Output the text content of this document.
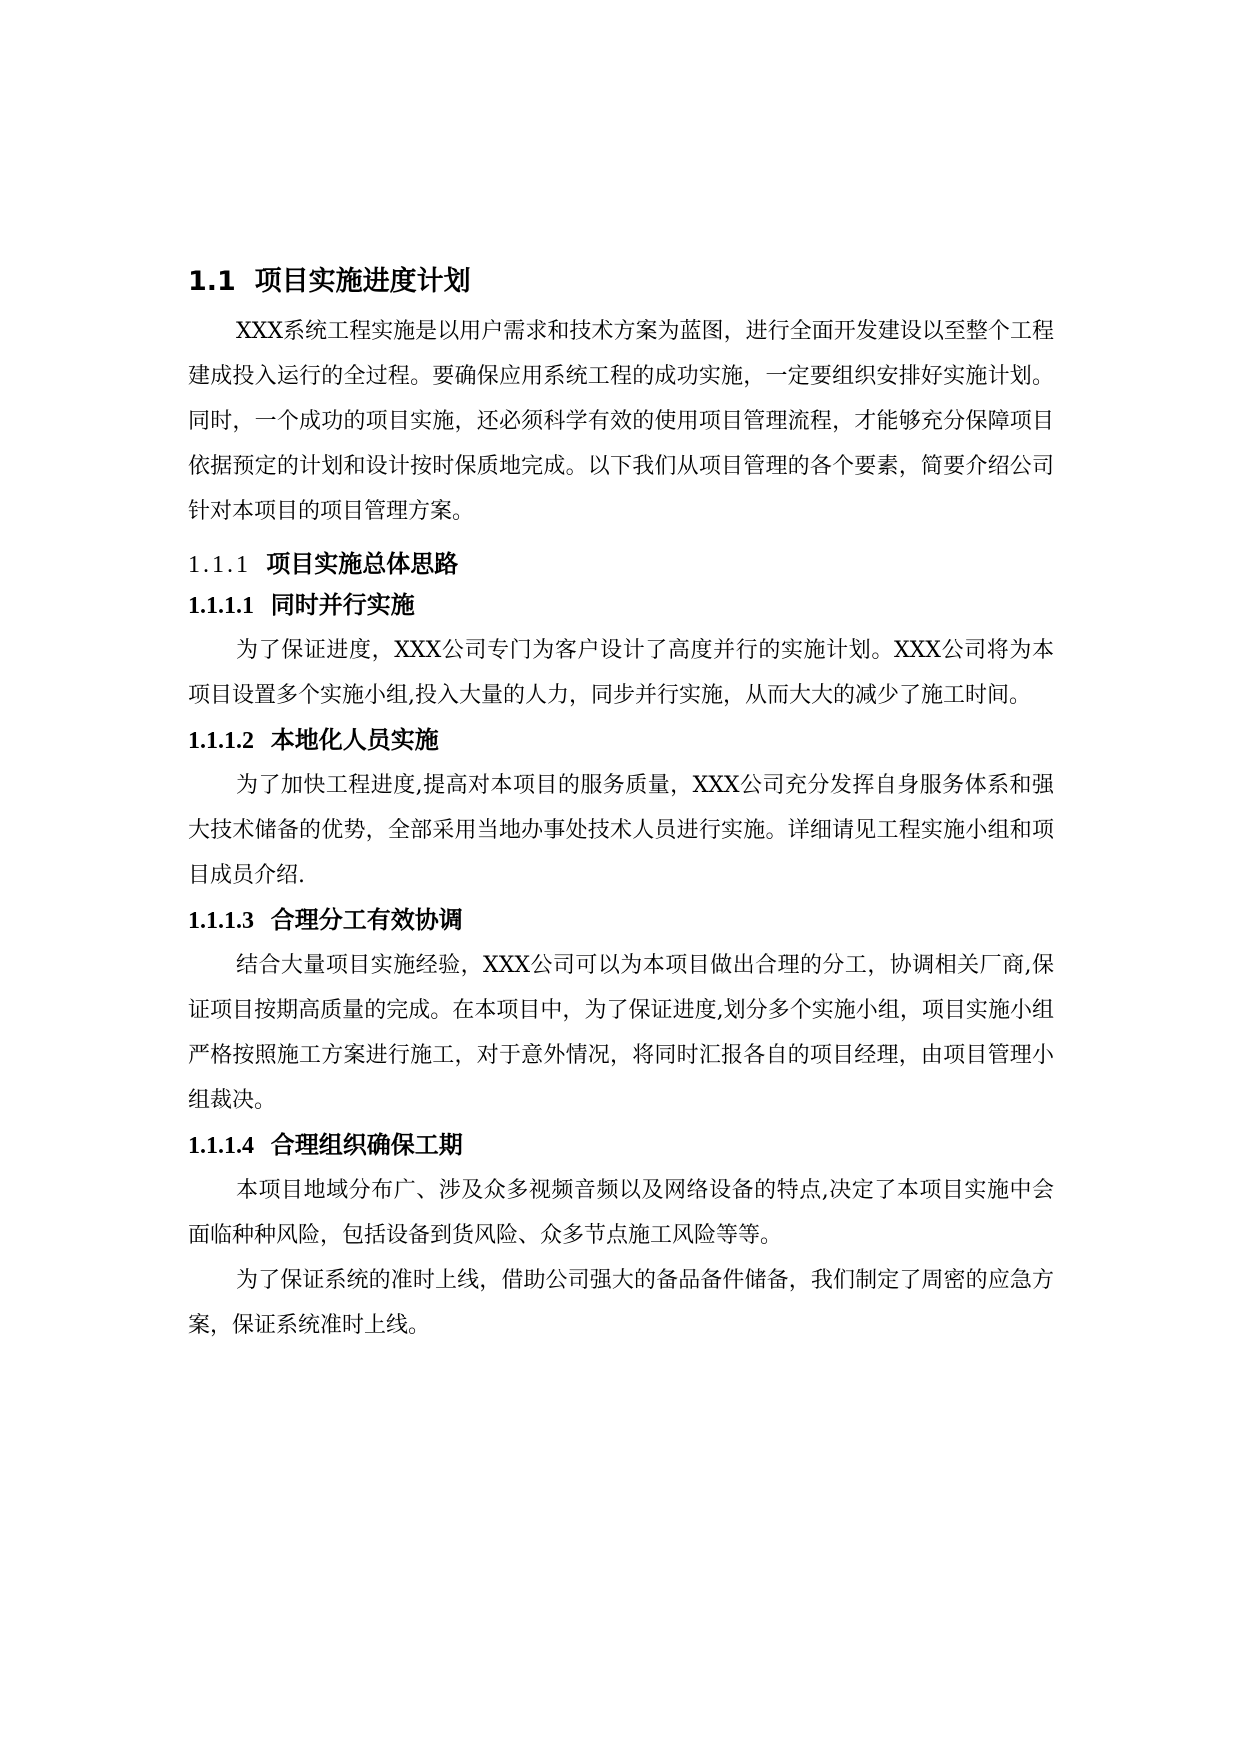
1.1 项目实施进度计划

XXX系统工程实施是以用户需求和技术方案为蓝图，进行全面开发建设以至整个工程建成投入运行的全过程。要确保应用系统工程的成功实施，一定要组织安排好实施计划。同时，一个成功的项目实施，还必须科学有效的使用项目管理流程，才能够充分保障项目依据预定的计划和设计按时保质地完成。以下我们从项目管理的各个要素，简要介绍公司针对本项目的项目管理方案。

1.1.1 项目实施总体思路
1.1.1.1 同时并行实施

为了保证进度，XXX公司专门为客户设计了高度并行的实施计划。XXX公司将为本项目设置多个实施小组,投入大量的人力，同步并行实施，从而大大的减少了施工时间。

1.1.1.2 本地化人员实施

为了加快工程进度,提高对本项目的服务质量，XXX公司充分发挥自身服务体系和强大技术储备的优势，全部采用当地办事处技术人员进行实施。详细请见工程实施小组和项目成员介绍.

1.1.1.3 合理分工有效协调

结合大量项目实施经验，XXX公司可以为本项目做出合理的分工，协调相关厂商,保证项目按期高质量的完成。在本项目中，为了保证进度,划分多个实施小组，项目实施小组严格按照施工方案进行施工，对于意外情况，将同时汇报各自的项目经理，由项目管理小组裁决。

1.1.1.4 合理组织确保工期

本项目地域分布广、涉及众多视频音频以及网络设备的特点,决定了本项目实施中会面临种种风险，包括设备到货风险、众多节点施工风险等等。

为了保证系统的准时上线，借助公司强大的备品备件储备，我们制定了周密的应急方案，保证系统准时上线。
